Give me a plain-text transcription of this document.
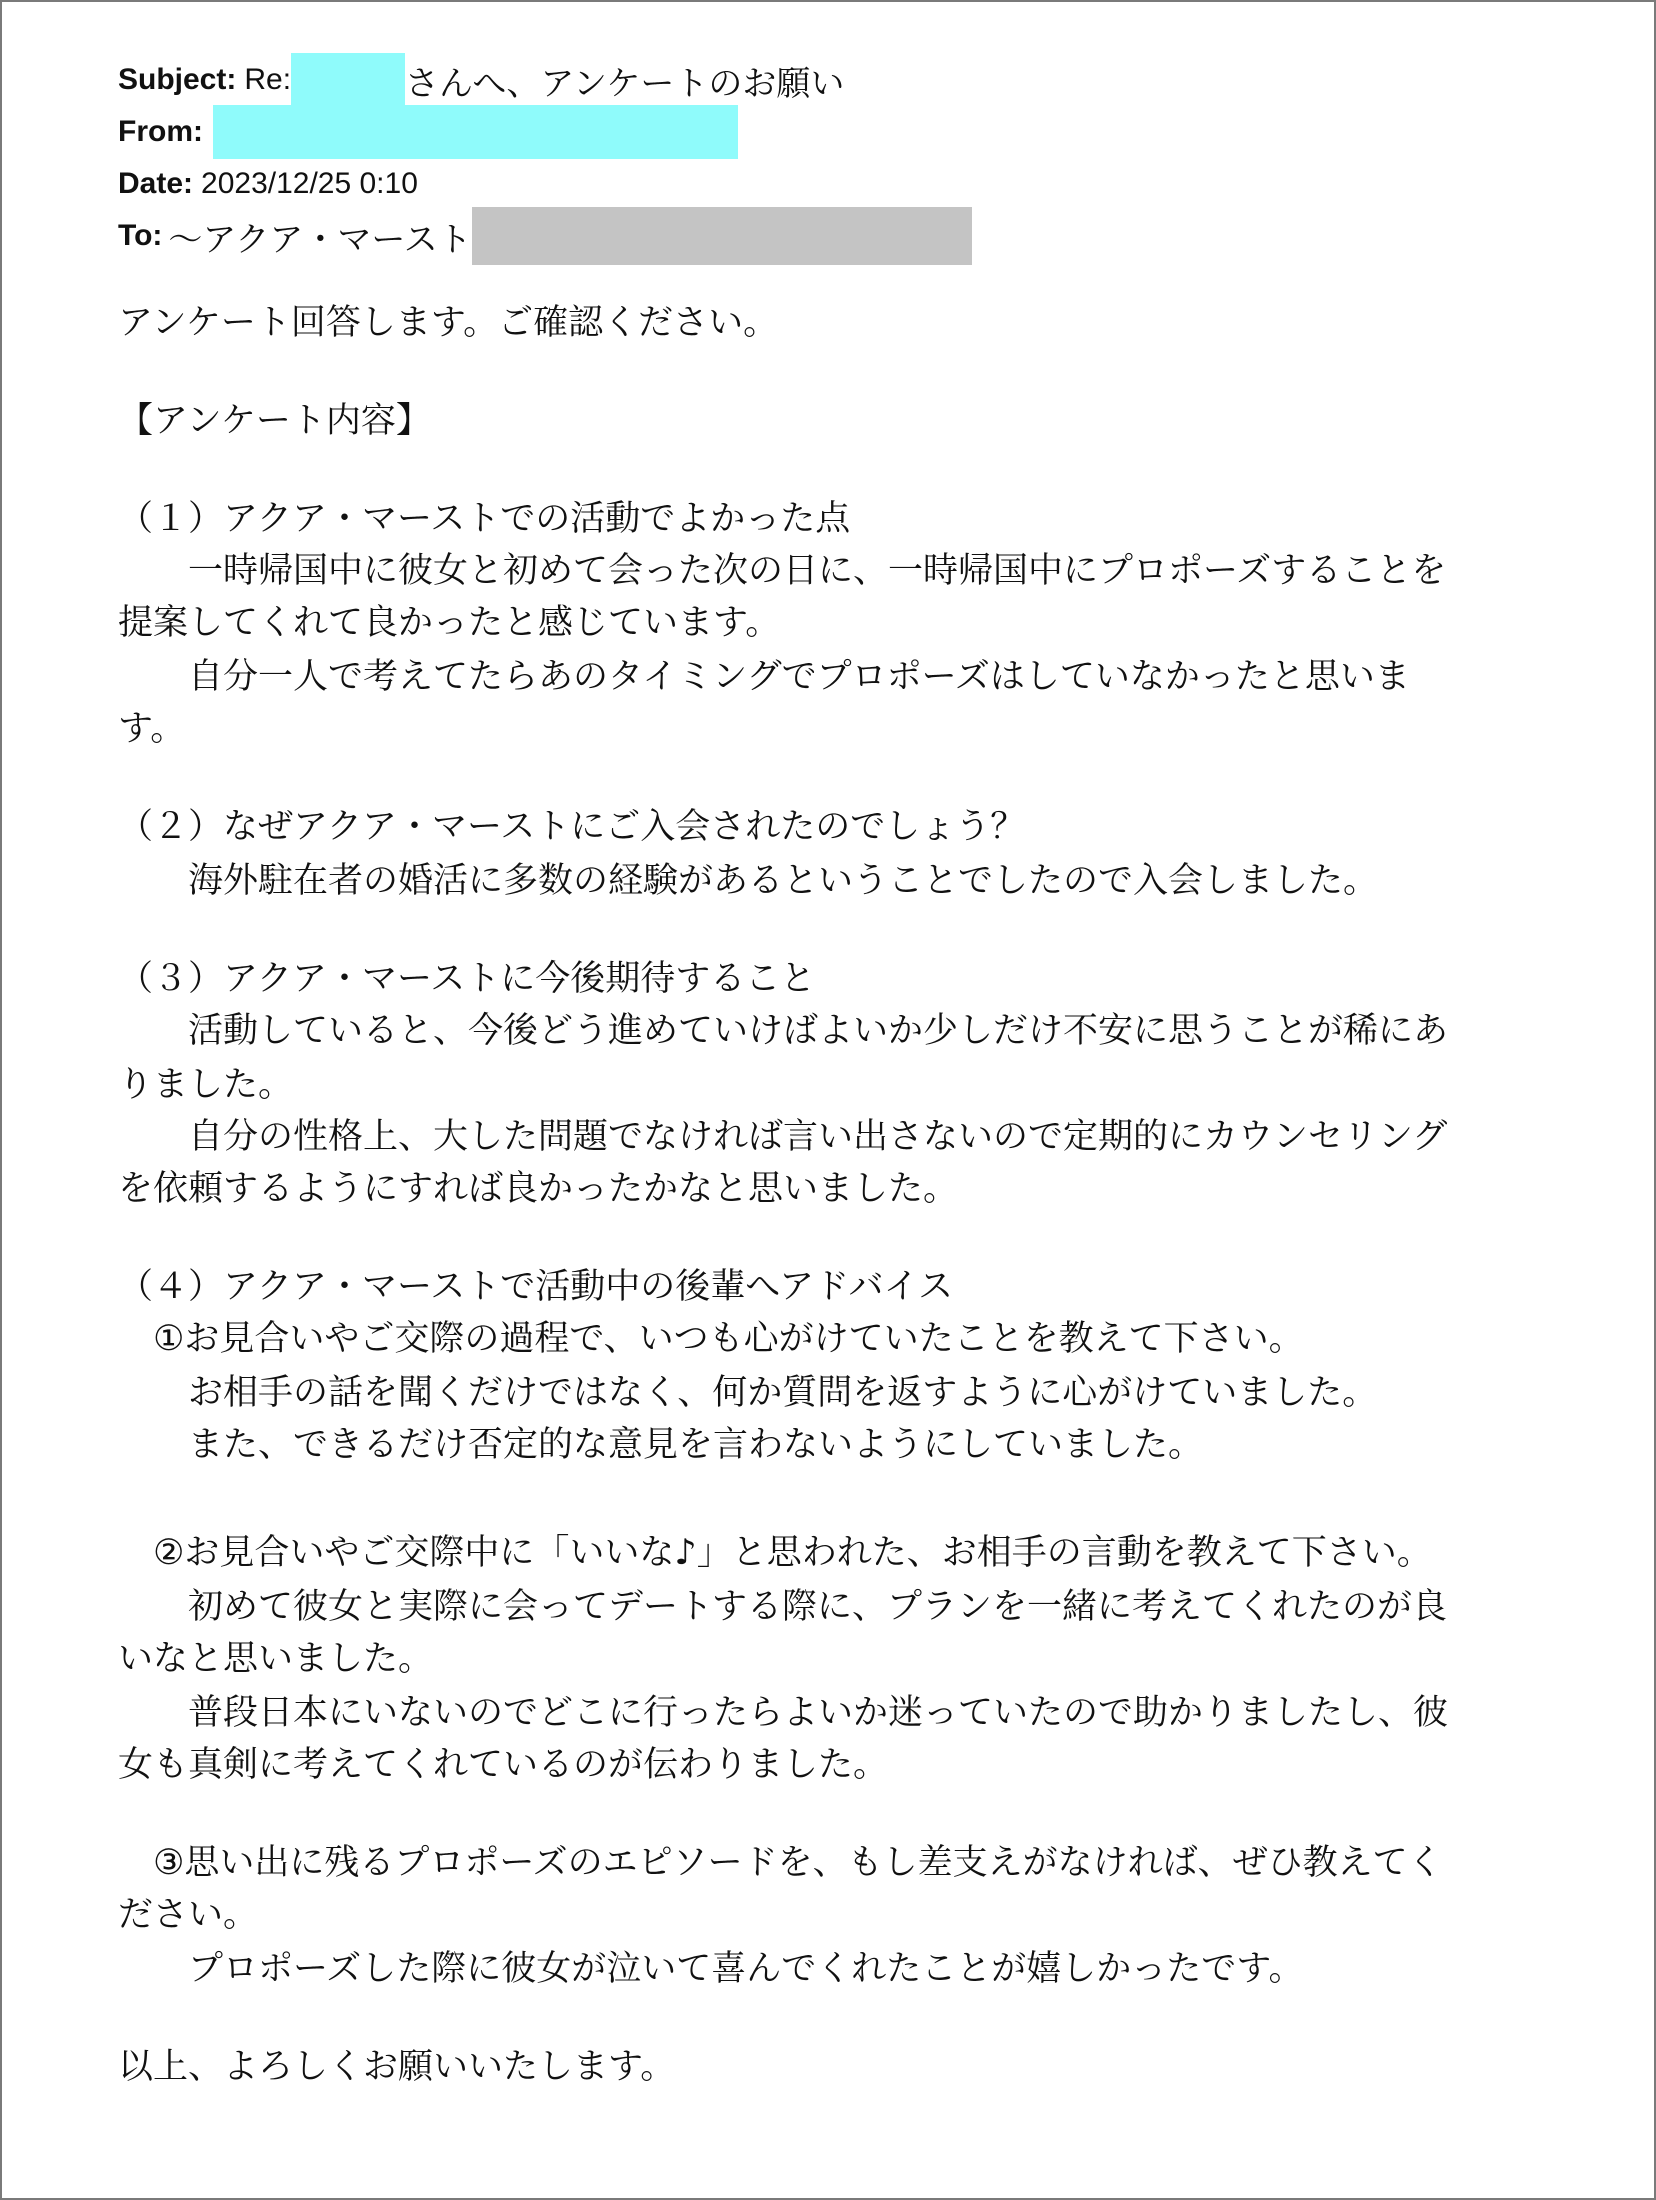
Subject: Re:	さんへ、アンケートのお願い
From:
Date: 2023/12/25 0:10
To: ～アクア・マースト
アンケート回答します。ご確認ください。
【アンケート内容】
（１）アクア・マーストでの活動でよかった点
　　一時帰国中に彼女と初めて会った次の日に、一時帰国中にプロポーズすることを
提案してくれて良かったと感じています。
　　自分一人で考えてたらあのタイミングでプロポーズはしていなかったと思いま
す。
（２）なぜアクア・マーストにご入会されたのでしょう？
　　海外駐在者の婚活に多数の経験があるということでしたので入会しました。
（３）アクア・マーストに今後期待すること
　　活動していると、今後どう進めていけばよいか少しだけ不安に思うことが稀にあ
りました。
　　自分の性格上、大した問題でなければ言い出さないので定期的にカウンセリング
を依頼するようにすれば良かったかなと思いました。
（４）アクア・マーストで活動中の後輩へアドバイス
　①お見合いやご交際の過程で、いつも心がけていたことを教えて下さい。
　　お相手の話を聞くだけではなく、何か質問を返すように心がけていました。
　　また、できるだけ否定的な意見を言わないようにしていました。
　②お見合いやご交際中に「いいな♪」と思われた、お相手の言動を教えて下さい。
　　初めて彼女と実際に会ってデートする際に、プランを一緒に考えてくれたのが良
いなと思いました。
　　普段日本にいないのでどこに行ったらよいか迷っていたので助かりましたし、彼
女も真剣に考えてくれているのが伝わりました。
　③思い出に残るプロポーズのエピソードを、もし差支えがなければ、ぜひ教えてく
ださい。
　　プロポーズした際に彼女が泣いて喜んでくれたことが嬉しかったです。
以上、よろしくお願いいたします。
